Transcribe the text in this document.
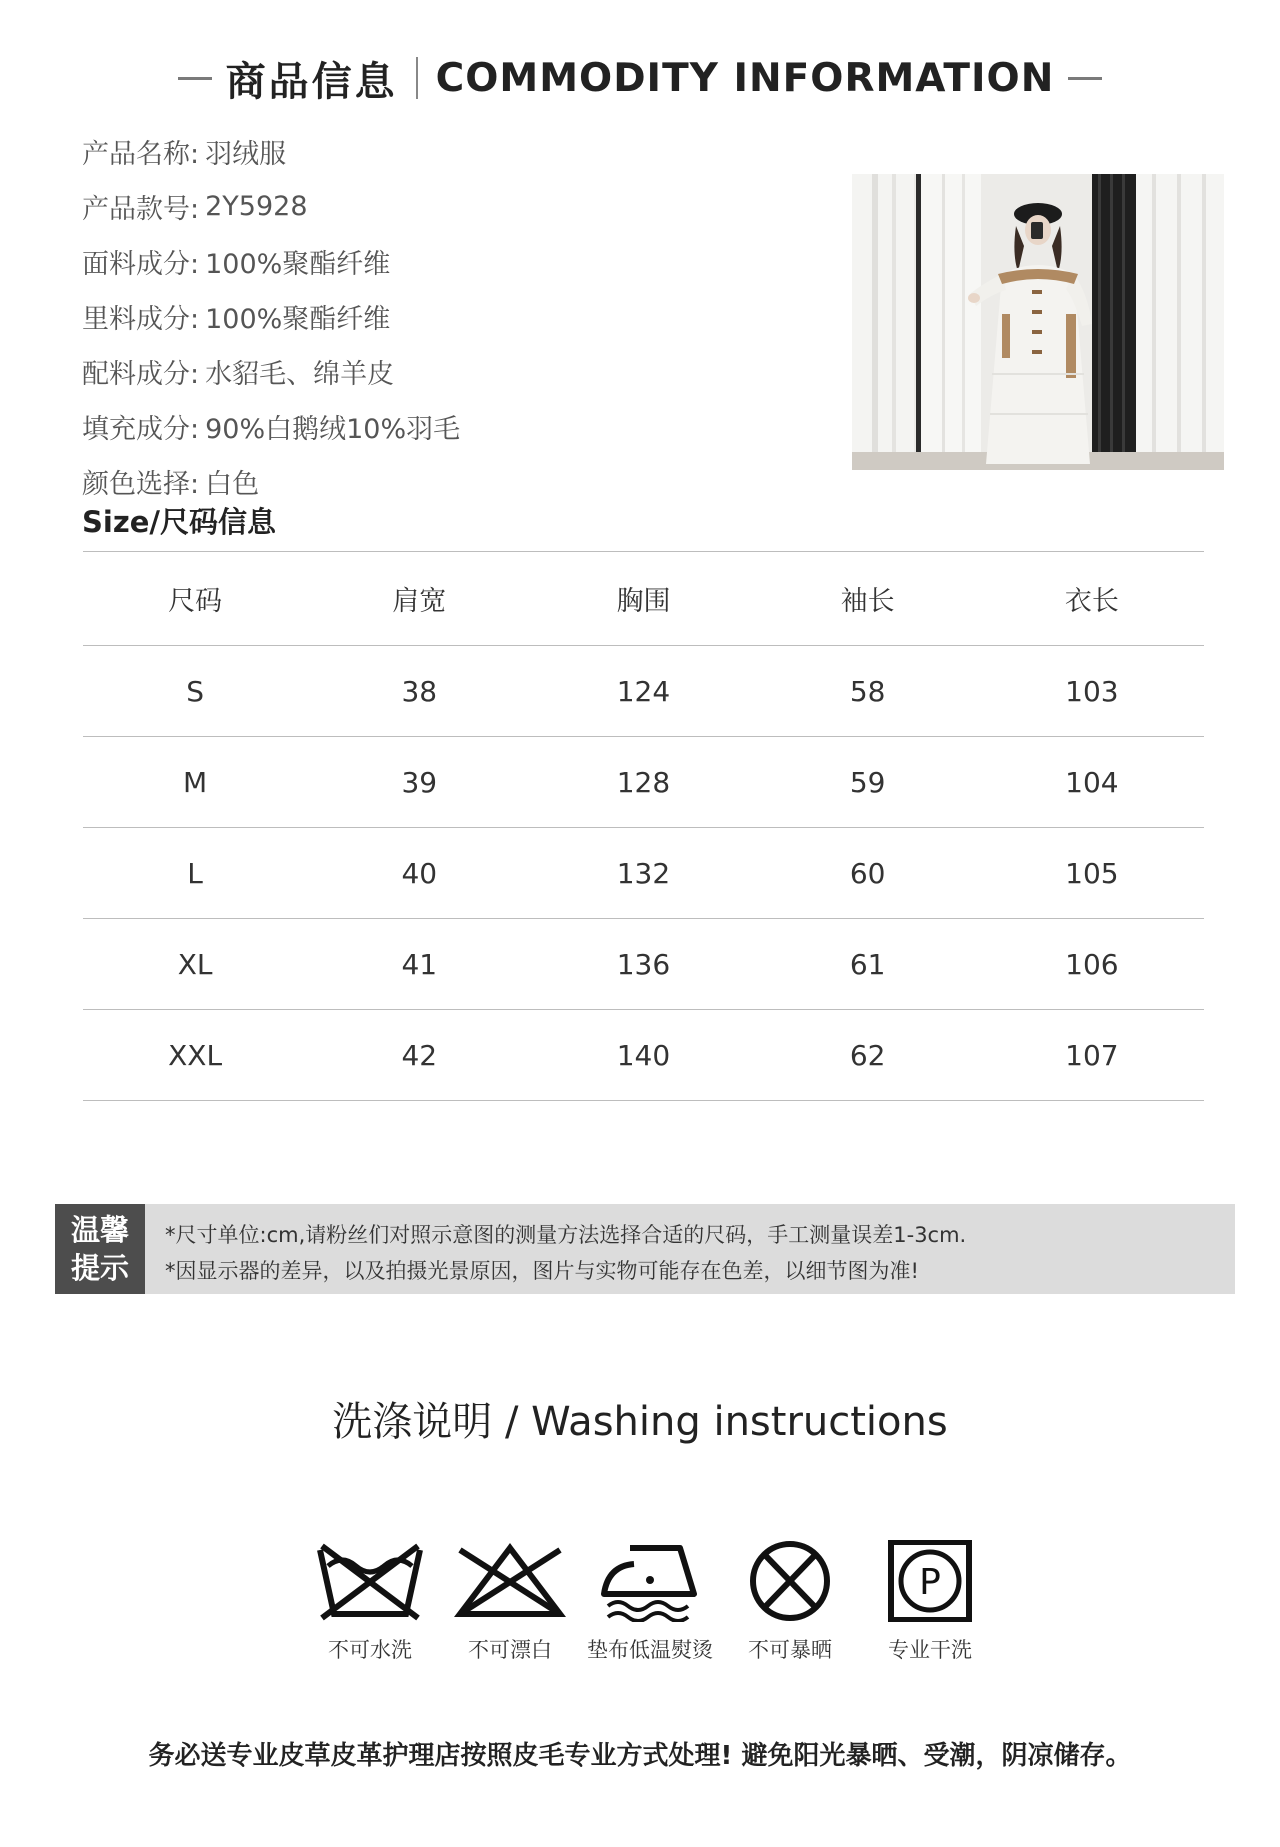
商品信息 COMMODITY INFORMATION
产品名称: 羽绒服
产品款号: 2Y5928
面料成分: 100%聚酯纤维
里料成分: 100%聚酯纤维
配料成分: 水貂毛、绵羊皮
填充成分: 90%白鹅绒10%羽毛
颜色选择: 白色
Size/尺码信息
尺码	肩宽	胸围	袖长	衣长
S	38	124	58	103
M	39	128	59	104
L	40	132	60	105
XL	41	136	61	106
XXL	42	140	62	107
温馨
提示
*尺寸单位:cm,请粉丝们对照示意图的测量方法选择合适的尺码，手工测量误差1-3cm.
*因显示器的差异，以及拍摄光景原因，图片与实物可能存在色差，以细节图为准!
洗涤说明 / Washing instructions
不可水洗	不可漂白	垫布低温熨烫	不可暴晒
P
专业干洗
务必送专业皮草皮革护理店按照皮毛专业方式处理! 避免阳光暴晒、受潮，阴凉储存。
